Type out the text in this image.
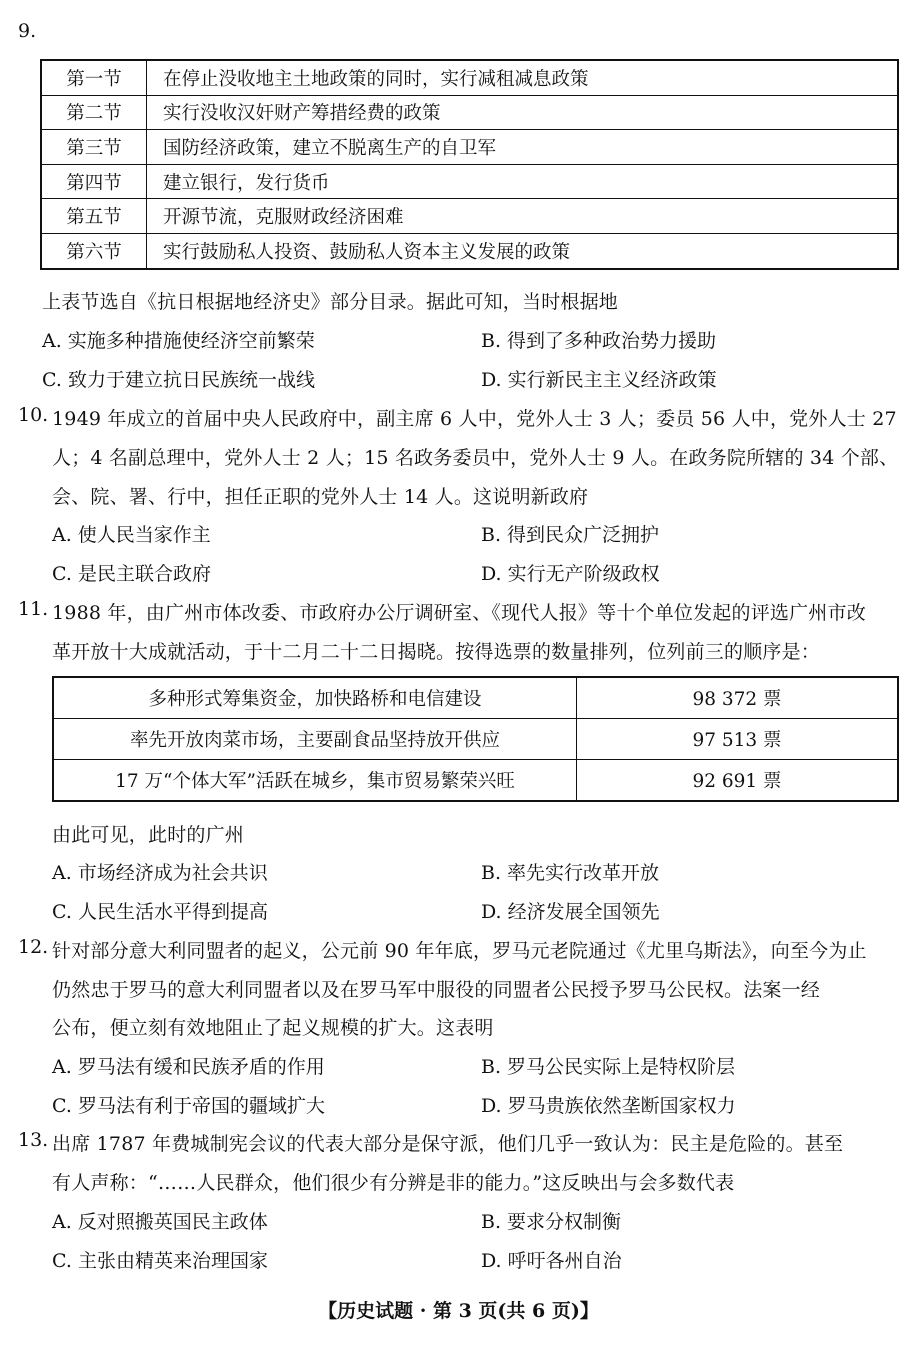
9.
第一节	在停止没收地主土地政策的同时，实行减租减息政策
第二节	实行没收汉奸财产筹措经费的政策
第三节	国防经济政策，建立不脱离生产的自卫军
第四节	建立银行，发行货币
第五节	开源节流，克服财政经济困难
第六节	实行鼓励私人投资、鼓励私人资本主义发展的政策
上表节选自《抗日根据地经济史》部分目录。据此可知，当时根据地
A. 实施多种措施使经济空前繁荣	B. 得到了多种政治势力援助
C. 致力于建立抗日民族统一战线	D. 实行新民主主义经济政策
10. 1949 年成立的首届中央人民政府中，副主席 6 人中，党外人士 3 人；委员 56 人中，党外人士 27
人；4 名副总理中，党外人士 2 人；15 名政务委员中，党外人士 9 人。在政务院所辖的 34 个部、
会、院、署、行中，担任正职的党外人士 14 人。这说明新政府
A. 使人民当家作主	B. 得到民众广泛拥护
C. 是民主联合政府	D. 实行无产阶级政权
11. 1988 年，由广州市体改委、市政府办公厅调研室、《现代人报》等十个单位发起的评选广州市改
革开放十大成就活动，于十二月二十二日揭晓。按得选票的数量排列，位列前三的顺序是：
多种形式筹集资金，加快路桥和电信建设	98 372 票
率先开放肉菜市场，主要副食品坚持放开供应	97 513 票
17 万“个体大军”活跃在城乡，集市贸易繁荣兴旺	92 691 票
由此可见，此时的广州
A. 市场经济成为社会共识	B. 率先实行改革开放
C. 人民生活水平得到提高	D. 经济发展全国领先
12. 针对部分意大利同盟者的起义，公元前 90 年年底，罗马元老院通过《尤里乌斯法》，向至今为止
仍然忠于罗马的意大利同盟者以及在罗马军中服役的同盟者公民授予罗马公民权。法案一经
公布，便立刻有效地阻止了起义规模的扩大。这表明
A. 罗马法有缓和民族矛盾的作用	B. 罗马公民实际上是特权阶层
C. 罗马法有利于帝国的疆域扩大	D. 罗马贵族依然垄断国家权力
13. 出席 1787 年费城制宪会议的代表大部分是保守派，他们几乎一致认为：民主是危险的。甚至
有人声称：“……人民群众，他们很少有分辨是非的能力。”这反映出与会多数代表
A. 反对照搬英国民主政体	B. 要求分权制衡
C. 主张由精英来治理国家	D. 呼吁各州自治
【历史试题 · 第 3 页(共 6 页)】
